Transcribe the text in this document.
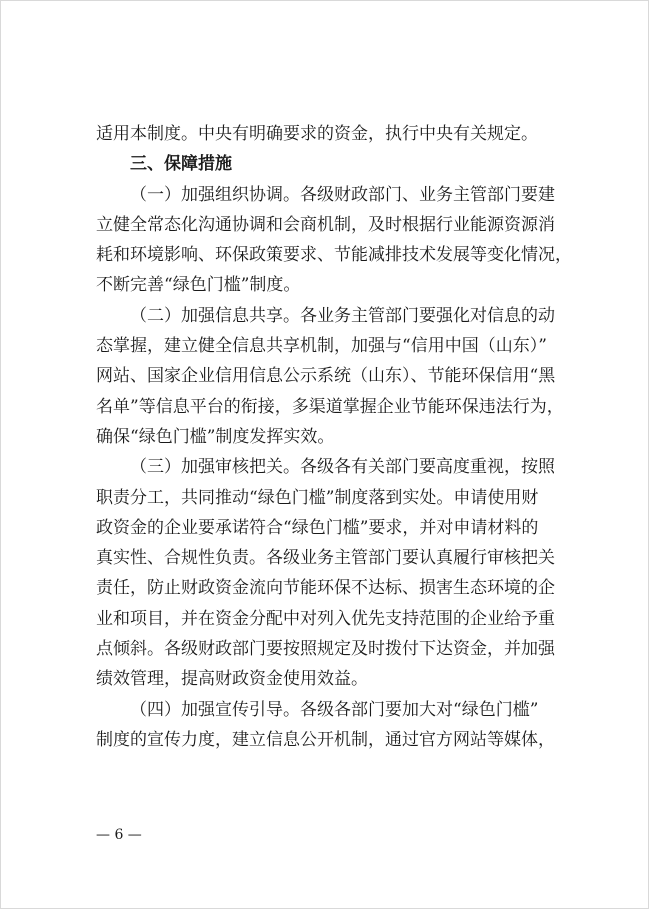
适用本制度。中央有明确要求的资金，执行中央有关规定。
三、保障措施
（一）加强组织协调。各级财政部门、业务主管部门要建
立健全常态化沟通协调和会商机制，及时根据行业能源资源消
耗和环境影响、环保政策要求、节能减排技术发展等变化情况，
不断完善“绿色门槛”制度。
（二）加强信息共享。各业务主管部门要强化对信息的动
态掌握，建立健全信息共享机制，加强与“信用中国（山东）”
网站、国家企业信用信息公示系统（山东）、节能环保信用“黑
名单”等信息平台的衔接，多渠道掌握企业节能环保违法行为，
确保“绿色门槛”制度发挥实效。
（三）加强审核把关。各级各有关部门要高度重视，按照
职责分工，共同推动“绿色门槛”制度落到实处。申请使用财
政资金的企业要承诺符合“绿色门槛”要求，并对申请材料的
真实性、合规性负责。各级业务主管部门要认真履行审核把关
责任，防止财政资金流向节能环保不达标、损害生态环境的企
业和项目，并在资金分配中对列入优先支持范围的企业给予重
点倾斜。各级财政部门要按照规定及时拨付下达资金，并加强
绩效管理，提高财政资金使用效益。
（四）加强宣传引导。各级各部门要加大对“绿色门槛”
制度的宣传力度，建立信息公开机制，通过官方网站等媒体，
— 6 —
